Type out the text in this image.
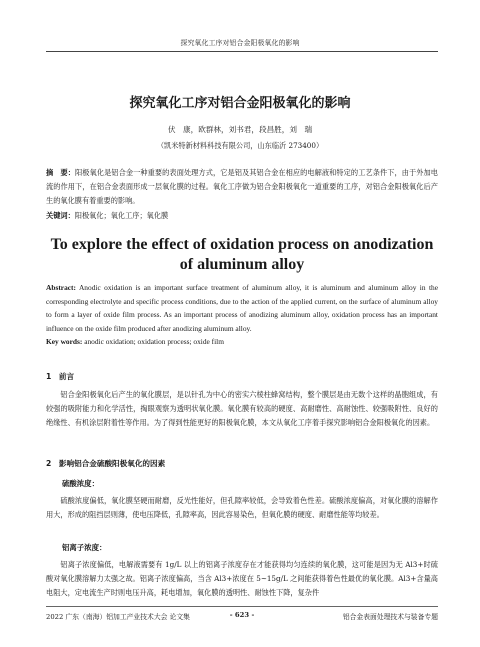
探究氧化工序对铝合金阳极氧化的影响
探究氧化工序对铝合金阳极氧化的影响
伏　康，欧群林，刘书君，段昌胜，刘　瑞
（凯米特新材料科技有限公司，山东临沂 273400）
摘　要：阳极氧化是铝合金一种重要的表面处理方式，它是铝及其铝合金在相应的电解液和特定的工艺条件下，由于外加电流的作用下，在铝合金表面形成一层氧化膜的过程。氧化工序做为铝合金阳极氧化一道重要的工序，对铝合金阳极氧化后产生的氧化膜有着重要的影响。
关键词：阳极氧化；氧化工序；氧化膜
To explore the effect of oxidation process on anodization of aluminum alloy
Abstract: Anodic oxidation is an important surface treatment of aluminum alloy, it is aluminum and aluminum alloy in the corresponding electrolyte and specific process conditions, due to the action of the applied current, on the surface of aluminum alloy to form a layer of oxide film process. As an important process of anodizing aluminum alloy, oxidation process has an important influence on the oxide film produced after anodizing aluminum alloy.
Key words: anodic oxidation; oxidation process; oxide film
1　前言
铝合金阳极氧化后产生的氧化膜层，是以针孔为中心的密实六棱柱蜂窝结构，整个膜层是由无数个这样的晶胞组成，有较强的吸附能力和化学活性，掏眼观察为透明状氧化膜。氧化膜有较高的硬度、高耐磨性、高耐蚀性、较强吸附性、良好的绝缘性、有机涂层附着性等作用。为了得到性能更好的阳极氧化膜，本文从氧化工序着手探究影响铝合金阳极氧化的因素。
2　影响铝合金硫酸阳极氧化的因素
硫酸浓度：
硫酸浓度偏低，氧化膜坚硬而耐磨，反光性能好，但孔隙率较低，会导致着色性差。硫酸浓度偏高，对氧化膜的溶解作用大，形成的阻挡层则薄，使电压降低，孔隙率高，因此容易染色，但氧化膜的硬度、耐磨性能等均较差。
铝离子浓度：
铝离子浓度偏低，电解液需要有 1g/L 以上的铝离子浓度存在才能获得均匀连续的氧化膜，这可能是因为无 Al3+时硫酸对氧化膜溶解力太强之故。铝离子浓度偏高，当含 Al3+浓度在 5~15g/L 之间能获得着色性最优的氧化膜。Al3+含量高电阻大，定电流生产时则电压升高，耗电增加，氧化膜的透明性、耐蚀性下降，复杂件
2022 广东（南海）铝加工产业技术大会 论文集	- 623 -	铝合金表面处理技术与装备专题
